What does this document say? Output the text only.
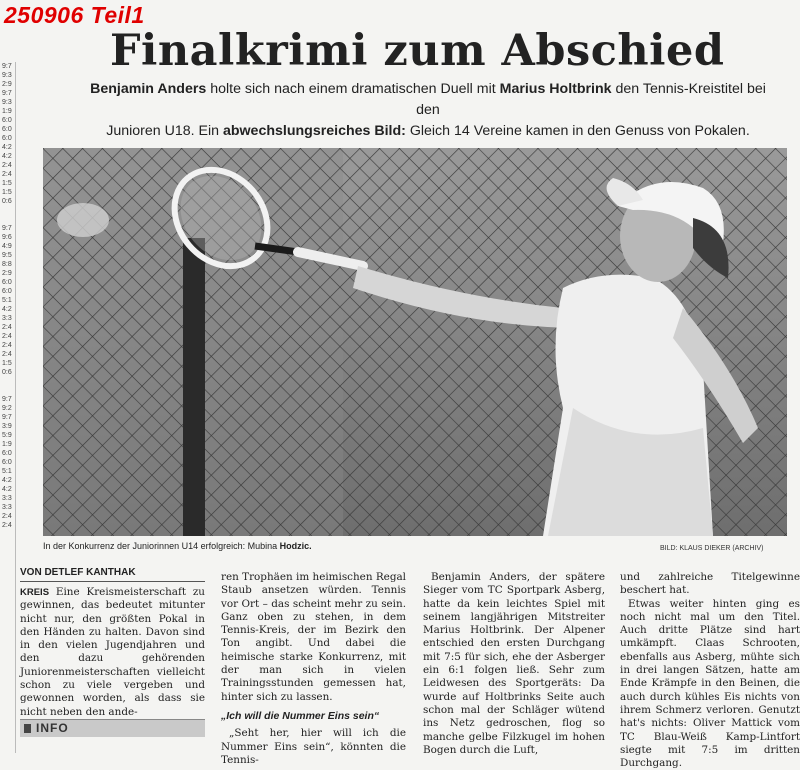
250906 Teil1
9:7
9:3
2:9
9:7
9:3
1:9
6:0
6:0
6:0
4:2
4:2
2:4
2:4
1:5
1:5
0:6
9:7
9:6
4:9
9:5
8:8
2:9
6:0
6:0
5:1
4:2
3:3
2:4
2:4
2:4
2:4
1:5
0:6
9:7
9:2
9:7
3:9
5:9
1:9
6:0
6:0
5:1
4:2
4:2
3:3
3:3
2:4
2:4
Finalkrimi zum Abschied
Benjamin Anders holte sich nach einem dramatischen Duell mit Marius Holtbrink den Tennis-Kreistitel bei den
Junioren U18. Ein abwechslungsreiches Bild: Gleich 14 Vereine kamen in den Genuss von Pokalen.
In der Konkurrenz der Juniorinnen U14 erfolgreich: Mubina Hodzic.	BILD: KLAUS DIEKER (ARCHIV)
VON DETLEF KANTHAK

KREIS Eine Kreismeisterschaft zu gewinnen, das bedeutet mitunter nicht nur, den größten Pokal in den Händen zu halten. Davon sind in den vielen Jugendjahren und den dazu gehörenden Juniorenmeisterschaften vielleicht schon zu viele vergeben und gewonnen worden, als dass sie nicht neben den ande-

INFO

ren Trophäen im heimischen Regal Staub ansetzen würden. Tennis vor Ort – das scheint mehr zu sein. Ganz oben zu stehen, in dem Tennis-Kreis, der im Bezirk den Ton angibt. Und dabei die heimische starke Konkurrenz, mit der man sich in vielen Trainingsstunden gemessen hat, hinter sich zu lassen.

„Ich will die Nummer Eins sein“

„Seht her, hier will ich die Nummer Eins sein“, könnten die Tennis-

Benjamin Anders, der spätere Sieger vom TC Sportpark Asberg, hatte da kein leichtes Spiel mit seinem langjährigen Mitstreiter Marius Holtbrink. Der Alpener entschied den ersten Durchgang mit 7:5 für sich, ehe der Asberger ein 6:1 folgen ließ. Sehr zum Leidwesen des Sportgeräts: Da wurde auf Holtbrinks Seite auch schon mal der Schläger wütend ins Netz gedroschen, flog so manche gelbe Filzkugel im hohen Bogen durch die Luft,

und zahlreiche Titelgewinne beschert hat.

Etwas weiter hinten ging es noch nicht mal um den Titel. Auch dritte Plätze sind hart umkämpft. Claas Schrooten, ebenfalls aus Asberg, mühte sich in drei langen Sätzen, hatte am Ende Krämpfe in den Beinen, die auch durch kühles Eis nichts von ihrem Schmerz verloren. Genutzt hat's nichts: Oliver Mattick vom TC Blau-Weiß Kamp-Lintfort siegte mit 7:5 im dritten Durchgang.
